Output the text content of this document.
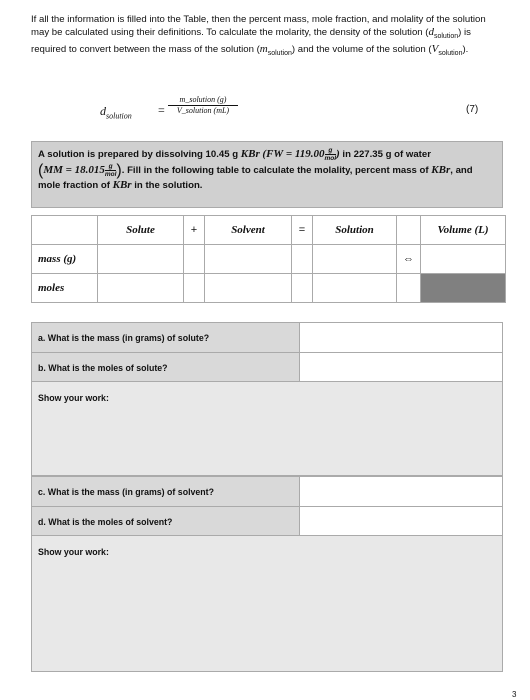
If all the information is filled into the Table, then the percent mass, mole fraction, and molality of the solution may be calculated using their definitions. To calculate the molarity, the density of the solution $(d_{solution})$ is required to convert between the mass of the solution $(m_{solution})$ and the volume of the solution $(V_{solution})$.
$d_{solution}$ =
m_solution (g)
V_solution (mL)	(7)
A solution is prepared by dissolving 10.45 g KBr (FW = 119.00 g
mol ) in 227.35 g of water
(MM = 18.015 g
mol ). Fill in the following table to calculate the molality, percent mass of KBr, and mole fraction of KBr in the solution.
	Solute	+	Solvent	=	Solution		Volume (L)
mass (g)						⇔	
moles							
a. What is the mass (in grams) of solute?
b. What is the moles of solute?
Show your work:
c. What is the mass (in grams) of solvent?
d. What is the moles of solvent?
Show your work:
3
